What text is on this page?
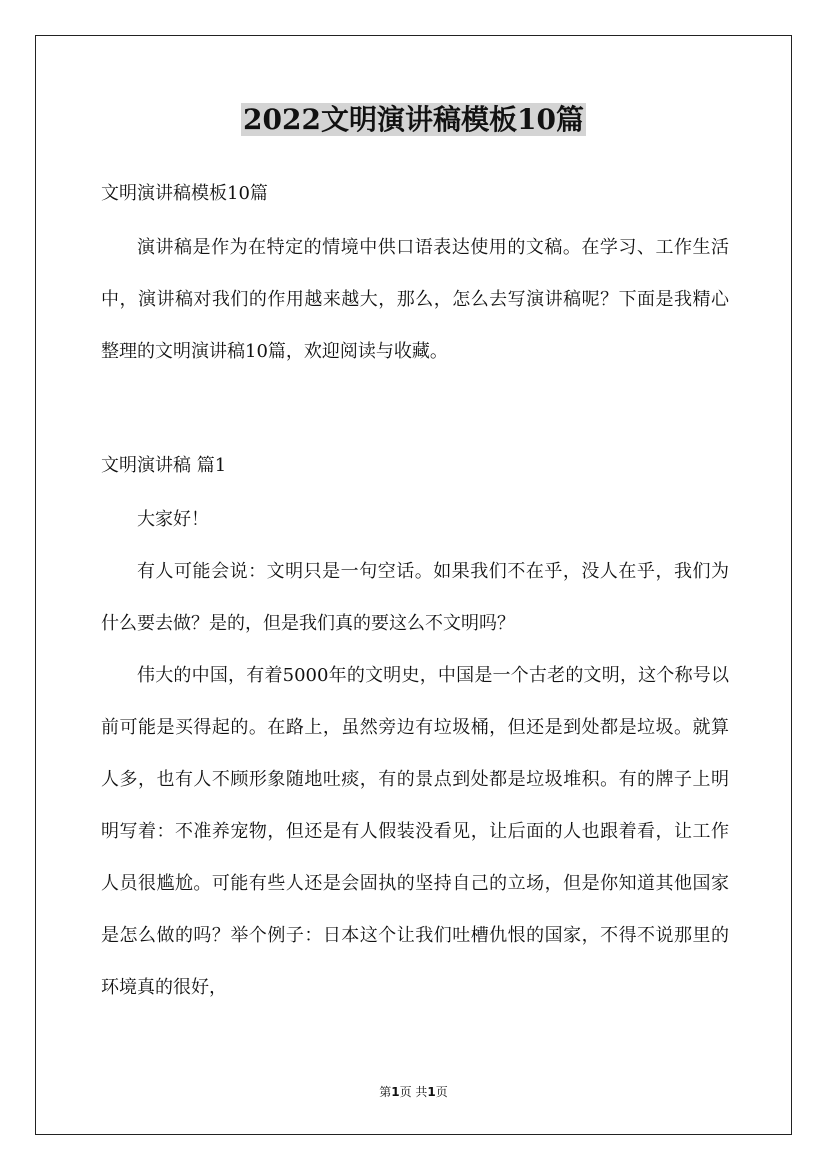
2022文明演讲稿模板10篇

文明演讲稿模板10篇

演讲稿是作为在特定的情境中供口语表达使用的文稿。在学习、工作生活中，演讲稿对我们的作用越来越大，那么，怎么去写演讲稿呢？下面是我精心整理的文明演讲稿10篇，欢迎阅读与收藏。

文明演讲稿 篇1

大家好！

有人可能会说：文明只是一句空话。如果我们不在乎，没人在乎，我们为什么要去做？是的，但是我们真的要这么不文明吗？

伟大的中国，有着5000年的文明史，中国是一个古老的文明，这个称号以前可能是买得起的。在路上，虽然旁边有垃圾桶，但还是到处都是垃圾。就算人多，也有人不顾形象随地吐痰，有的景点到处都是垃圾堆积。有的牌子上明明写着：不准养宠物，但还是有人假装没看见，让后面的人也跟着看，让工作人员很尴尬。可能有些人还是会固执的坚持自己的立场，但是你知道其他国家是怎么做的吗？举个例子：日本这个让我们吐槽仇恨的国家，不得不说那里的环境真的很好，

第1页 共1页
